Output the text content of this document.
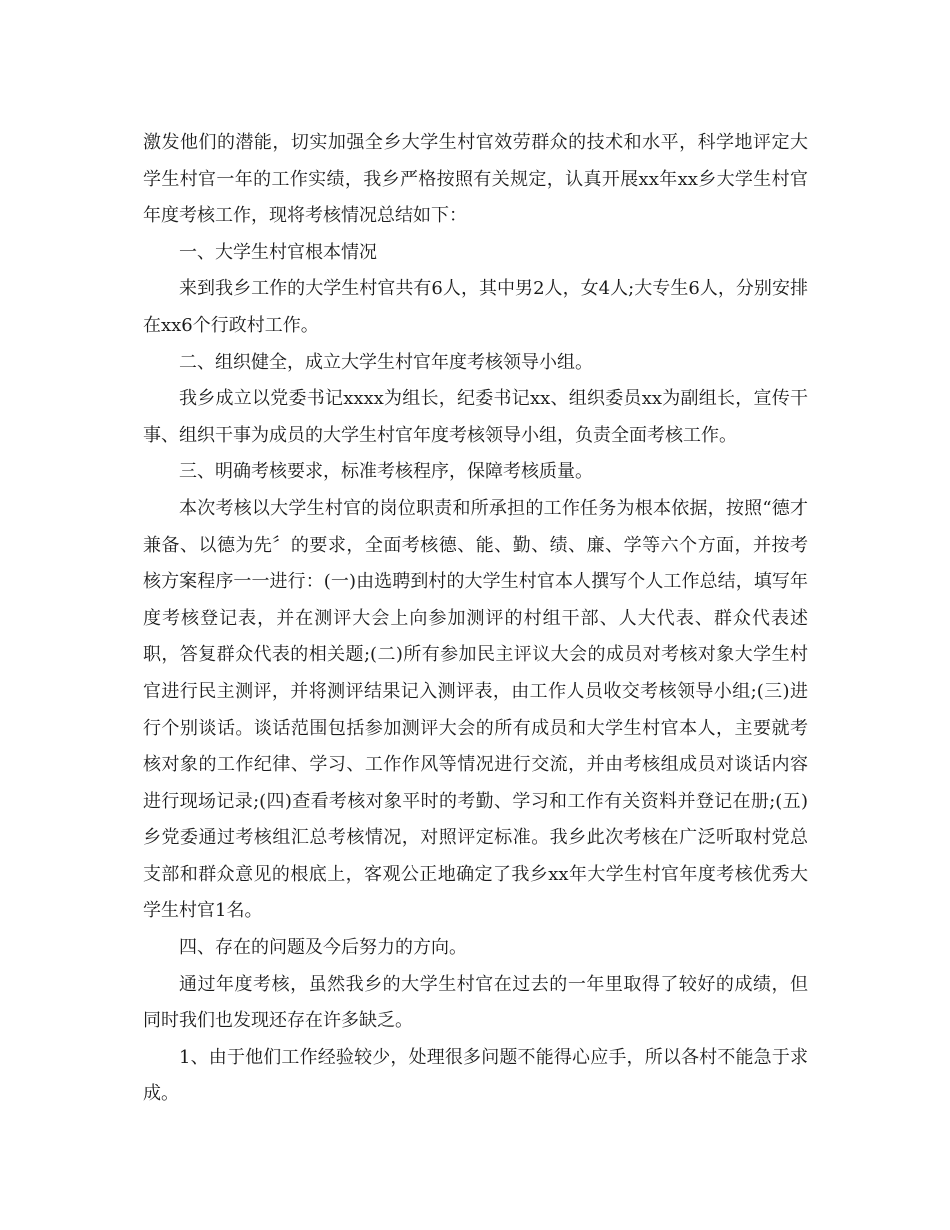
激发他们的潜能，切实加强全乡大学生村官效劳群众的技术和水平，科学地评定大学生村官一年的工作实绩，我乡严格按照有关规定，认真开展xx年xx乡大学生村官年度考核工作，现将考核情况总结如下：

一、大学生村官根本情况

来到我乡工作的大学生村官共有6人，其中男2人，女4人;大专生6人，分别安排在xx6个行政村工作。

二、组织健全，成立大学生村官年度考核领导小组。

我乡成立以党委书记xxxx为组长，纪委书记xx、组织委员xx为副组长，宣传干事、组织干事为成员的大学生村官年度考核领导小组，负责全面考核工作。

三、明确考核要求，标准考核程序，保障考核质量。

本次考核以大学生村官的岗位职责和所承担的工作任务为根本依据，按照“德才兼备、以德为先〞的要求，全面考核德、能、勤、绩、廉、学等六个方面，并按考核方案程序一一进行：(一)由选聘到村的大学生村官本人撰写个人工作总结，填写年度考核登记表，并在测评大会上向参加测评的村组干部、人大代表、群众代表述职，答复群众代表的相关题;(二)所有参加民主评议大会的成员对考核对象大学生村官进行民主测评，并将测评结果记入测评表，由工作人员收交考核领导小组;(三)进行个别谈话。谈话范围包括参加测评大会的所有成员和大学生村官本人，主要就考核对象的工作纪律、学习、工作作风等情况进行交流，并由考核组成员对谈话内容进行现场记录;(四)查看考核对象平时的考勤、学习和工作有关资料并登记在册;(五)乡党委通过考核组汇总考核情况，对照评定标准。我乡此次考核在广泛听取村党总支部和群众意见的根底上，客观公正地确定了我乡xx年大学生村官年度考核优秀大学生村官1名。

四、存在的问题及今后努力的方向。

通过年度考核，虽然我乡的大学生村官在过去的一年里取得了较好的成绩，但同时我们也发现还存在许多缺乏。

1、由于他们工作经验较少，处理很多问题不能得心应手，所以各村不能急于求成。
